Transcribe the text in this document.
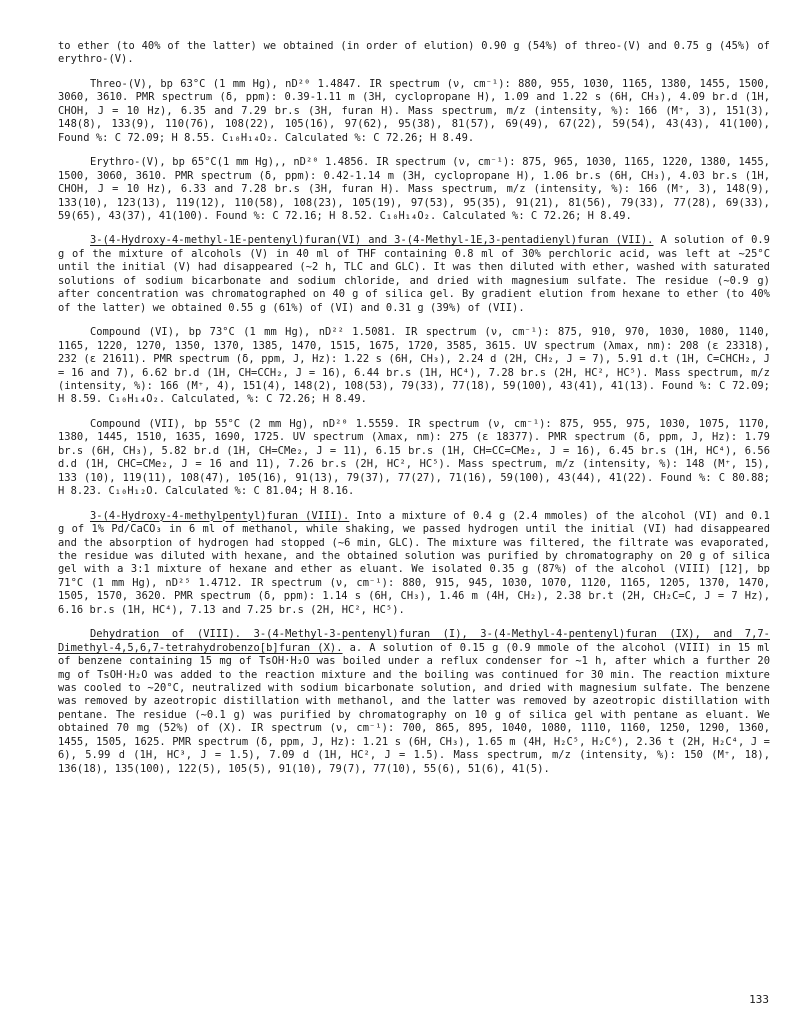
to ether (to 40% of the latter) we obtained (in order of elution) 0.90 g (54%) of threo-(V) and 0.75 g (45%) of erythro-(V).

Threo-(V), bp 63°C (1 mm Hg), nD²⁰ 1.4847. IR spectrum (ν, cm⁻¹): 880, 955, 1030, 1165, 1380, 1455, 1500, 3060, 3610. PMR spectrum (δ, ppm): 0.39-1.11 m (3H, cyclopropane H), 1.09 and 1.22 s (6H, CH₃), 4.09 br.d (1H, CHOH, J = 10 Hz), 6.35 and 7.29 br.s (3H, furan H). Mass spectrum, m/z (intensity, %): 166 (M⁺, 3), 151(3), 148(8), 133(9), 110(76), 108(22), 105(16), 97(62), 95(38), 81(57), 69(49), 67(22), 59(54), 43(43), 41(100), Found %: C 72.09; H 8.55. C₁₀H₁₄O₂. Calculated %: C 72.26; H 8.49.

Erythro-(V), bp 65°C(1 mm Hg),, nD²⁰ 1.4856. IR spectrum (ν, cm⁻¹): 875, 965, 1030, 1165, 1220, 1380, 1455, 1500, 3060, 3610. PMR spectrum (δ, ppm): 0.42-1.14 m (3H, cyclopropane H), 1.06 br.s (6H, CH₃), 4.03 br.s (1H, CHOH, J = 10 Hz), 6.33 and 7.28 br.s (3H, furan H). Mass spectrum, m/z (intensity, %): 166 (M⁺, 3), 148(9), 133(10), 123(13), 119(12), 110(58), 108(23), 105(19), 97(53), 95(35), 91(21), 81(56), 79(33), 77(28), 69(33), 59(65), 43(37), 41(100). Found %: C 72.16; H 8.52. C₁₀H₁₄O₂. Calculated %: C 72.26; H 8.49.

3-(4-Hydroxy-4-methyl-1E-pentenyl)furan(VI) and 3-(4-Methyl-1E,3-pentadienyl)furan (VII). A solution of 0.9 g of the mixture of alcohols (V) in 40 ml of THF containing 0.8 ml of 30% perchloric acid, was left at ~25°C until the initial (V) had disappeared (~2 h, TLC and GLC). It was then diluted with ether, washed with saturated solutions of sodium bicarbonate and sodium chloride, and dried with magnesium sulfate. The residue (~0.9 g) after concentration was chromatographed on 40 g of silica gel. By gradient elution from hexane to ether (to 40% of the latter) we obtained 0.55 g (61%) of (VI) and 0.31 g (39%) of (VII).

Compound (VI), bp 73°C (1 mm Hg), nD²² 1.5081. IR spectrum (ν, cm⁻¹): 875, 910, 970, 1030, 1080, 1140, 1165, 1220, 1270, 1350, 1370, 1385, 1470, 1515, 1675, 1720, 3585, 3615. UV spectrum (λmax, nm): 208 (ε 23318), 232 (ε 21611). PMR spectrum (δ, ppm, J, Hz): 1.22 s (6H, CH₃), 2.24 d (2H, CH₂, J = 7), 5.91 d.t (1H, C=CHCH₂, J = 16 and 7), 6.62 br.d (1H, CH=CCH₂, J = 16), 6.44 br.s (1H, HC⁴), 7.28 br.s (2H, HC², HC⁵). Mass spectrum, m/z (intensity, %): 166 (M⁺, 4), 151(4), 148(2), 108(53), 79(33), 77(18), 59(100), 43(41), 41(13). Found %: C 72.09; H 8.59. C₁₀H₁₄O₂. Calculated, %: C 72.26; H 8.49.

Compound (VII), bp 55°C (2 mm Hg), nD²⁰ 1.5559. IR spectrum (ν, cm⁻¹): 875, 955, 975, 1030, 1075, 1170, 1380, 1445, 1510, 1635, 1690, 1725. UV spectrum (λmax, nm): 275 (ε 18377). PMR spectrum (δ, ppm, J, Hz): 1.79 br.s (6H, CH₃), 5.82 br.d (1H, CH=CMe₂, J = 11), 6.15 br.s (1H, CH=CC=CMe₂, J = 16), 6.45 br.s (1H, HC⁴), 6.56 d.d (1H, CHC=CMe₂, J = 16 and 11), 7.26 br.s (2H, HC², HC⁵). Mass spectrum, m/z (intensity, %): 148 (M⁺, 15), 133 (10), 119(11), 108(47), 105(16), 91(13), 79(37), 77(27), 71(16), 59(100), 43(44), 41(22). Found %: C 80.88; H 8.23. C₁₀H₁₂O. Calculated %: C 81.04; H 8.16.

3-(4-Hydroxy-4-methylpentyl)furan (VIII). Into a mixture of 0.4 g (2.4 mmoles) of the alcohol (VI) and 0.1 g of 1% Pd/CaCO₃ in 6 ml of methanol, while shaking, we passed hydrogen until the initial (VI) had disappeared and the absorption of hydrogen had stopped (~6 min, GLC). The mixture was filtered, the filtrate was evaporated, the residue was diluted with hexane, and the obtained solution was purified by chromatography on 20 g of silica gel with a 3:1 mixture of hexane and ether as eluant. We isolated 0.35 g (87%) of the alcohol (VIII) [12], bp 71°C (1 mm Hg), nD²⁵ 1.4712. IR spectrum (ν, cm⁻¹): 880, 915, 945, 1030, 1070, 1120, 1165, 1205, 1370, 1470, 1505, 1570, 3620. PMR spectrum (δ, ppm): 1.14 s (6H, CH₃), 1.46 m (4H, CH₂), 2.38 br.t (2H, CH₂C=C, J = 7 Hz), 6.16 br.s (1H, HC⁴), 7.13 and 7.25 br.s (2H, HC², HC⁵).

Dehydration of (VIII). 3-(4-Methyl-3-pentenyl)furan (I), 3-(4-Methyl-4-pentenyl)furan (IX), and 7,7-Dimethyl-4,5,6,7-tetrahydrobenzo[b]furan (X). a. A solution of 0.15 g (0.9 mmole of the alcohol (VIII) in 15 ml of benzene containing 15 mg of TsOH·H₂O was boiled under a reflux condenser for ~1 h, after which a further 20 mg of TsOH·H₂O was added to the reaction mixture and the boiling was continued for 30 min. The reaction mixture was cooled to ~20°C, neutralized with sodium bicarbonate solution, and dried with magnesium sulfate. The benzene was removed by azeotropic distillation with methanol, and the latter was removed by azeotropic distillation with pentane. The residue (~0.1 g) was purified by chromatography on 10 g of silica gel with pentane as eluant. We obtained 70 mg (52%) of (X). IR spectrum (ν, cm⁻¹): 700, 865, 895, 1040, 1080, 1110, 1160, 1250, 1290, 1360, 1455, 1505, 1625. PMR spectrum (δ, ppm, J, Hz): 1.21 s (6H, CH₃), 1.65 m (4H, H₂C⁵, H₂C⁶), 2.36 t (2H, H₂C⁴, J = 6), 5.99 d (1H, HC³, J = 1.5), 7.09 d (1H, HC², J = 1.5). Mass spectrum, m/z (intensity, %): 150 (M⁺, 18), 136(18), 135(100), 122(5), 105(5), 91(10), 79(7), 77(10), 55(6), 51(6), 41(5).

133
